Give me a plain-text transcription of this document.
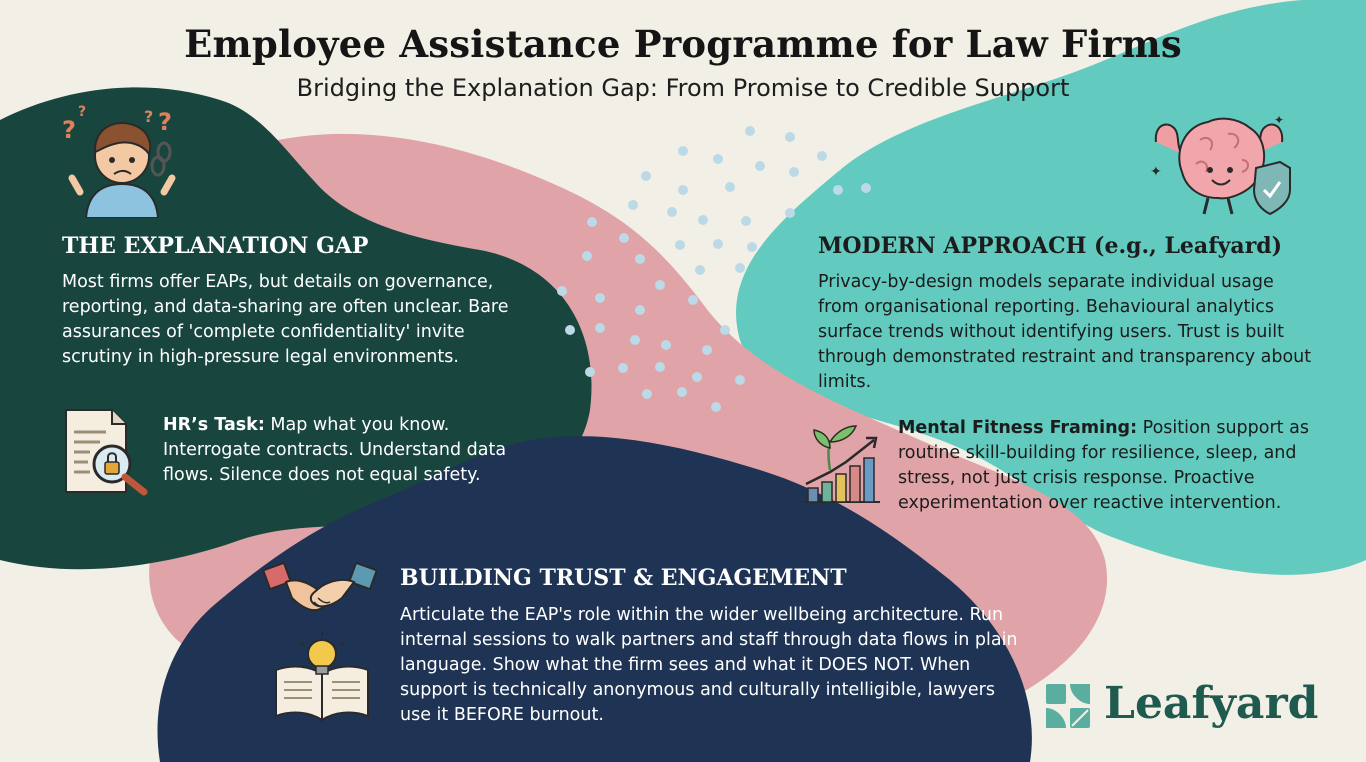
Employee Assistance Programme for Law Firms
Bridging the Explanation Gap: From Promise to Credible Support
?
?	? ?
THE EXPLANATION GAP
Most firms offer EAPs, but details on governance, reporting, and data-sharing are often unclear. Bare assurances of 'complete confidentiality' invite scrutiny in high-pressure legal environments.
HR’s Task: Map what you know. Interrogate contracts. Understand data flows. Silence does not equal safety.
✦
✦
MODERN APPROACH (e.g., Leafyard)
Privacy-by-design models separate individual usage from organisational reporting. Behavioural analytics surface trends without identifying users. Trust is built through demonstrated restraint and transparency about limits.
Mental Fitness Framing: Position support as routine skill-building for resilience, sleep, and stress, not just crisis response. Proactive experimentation over reactive intervention.
BUILDING TRUST & ENGAGEMENT
Articulate the EAP's role within the wider wellbeing architecture. Run internal sessions to walk partners and staff through data flows in plain language. Show what the firm sees and what it DOES NOT. When support is technically anonymous and culturally intelligible, lawyers use it BEFORE burnout.	Leafyard
